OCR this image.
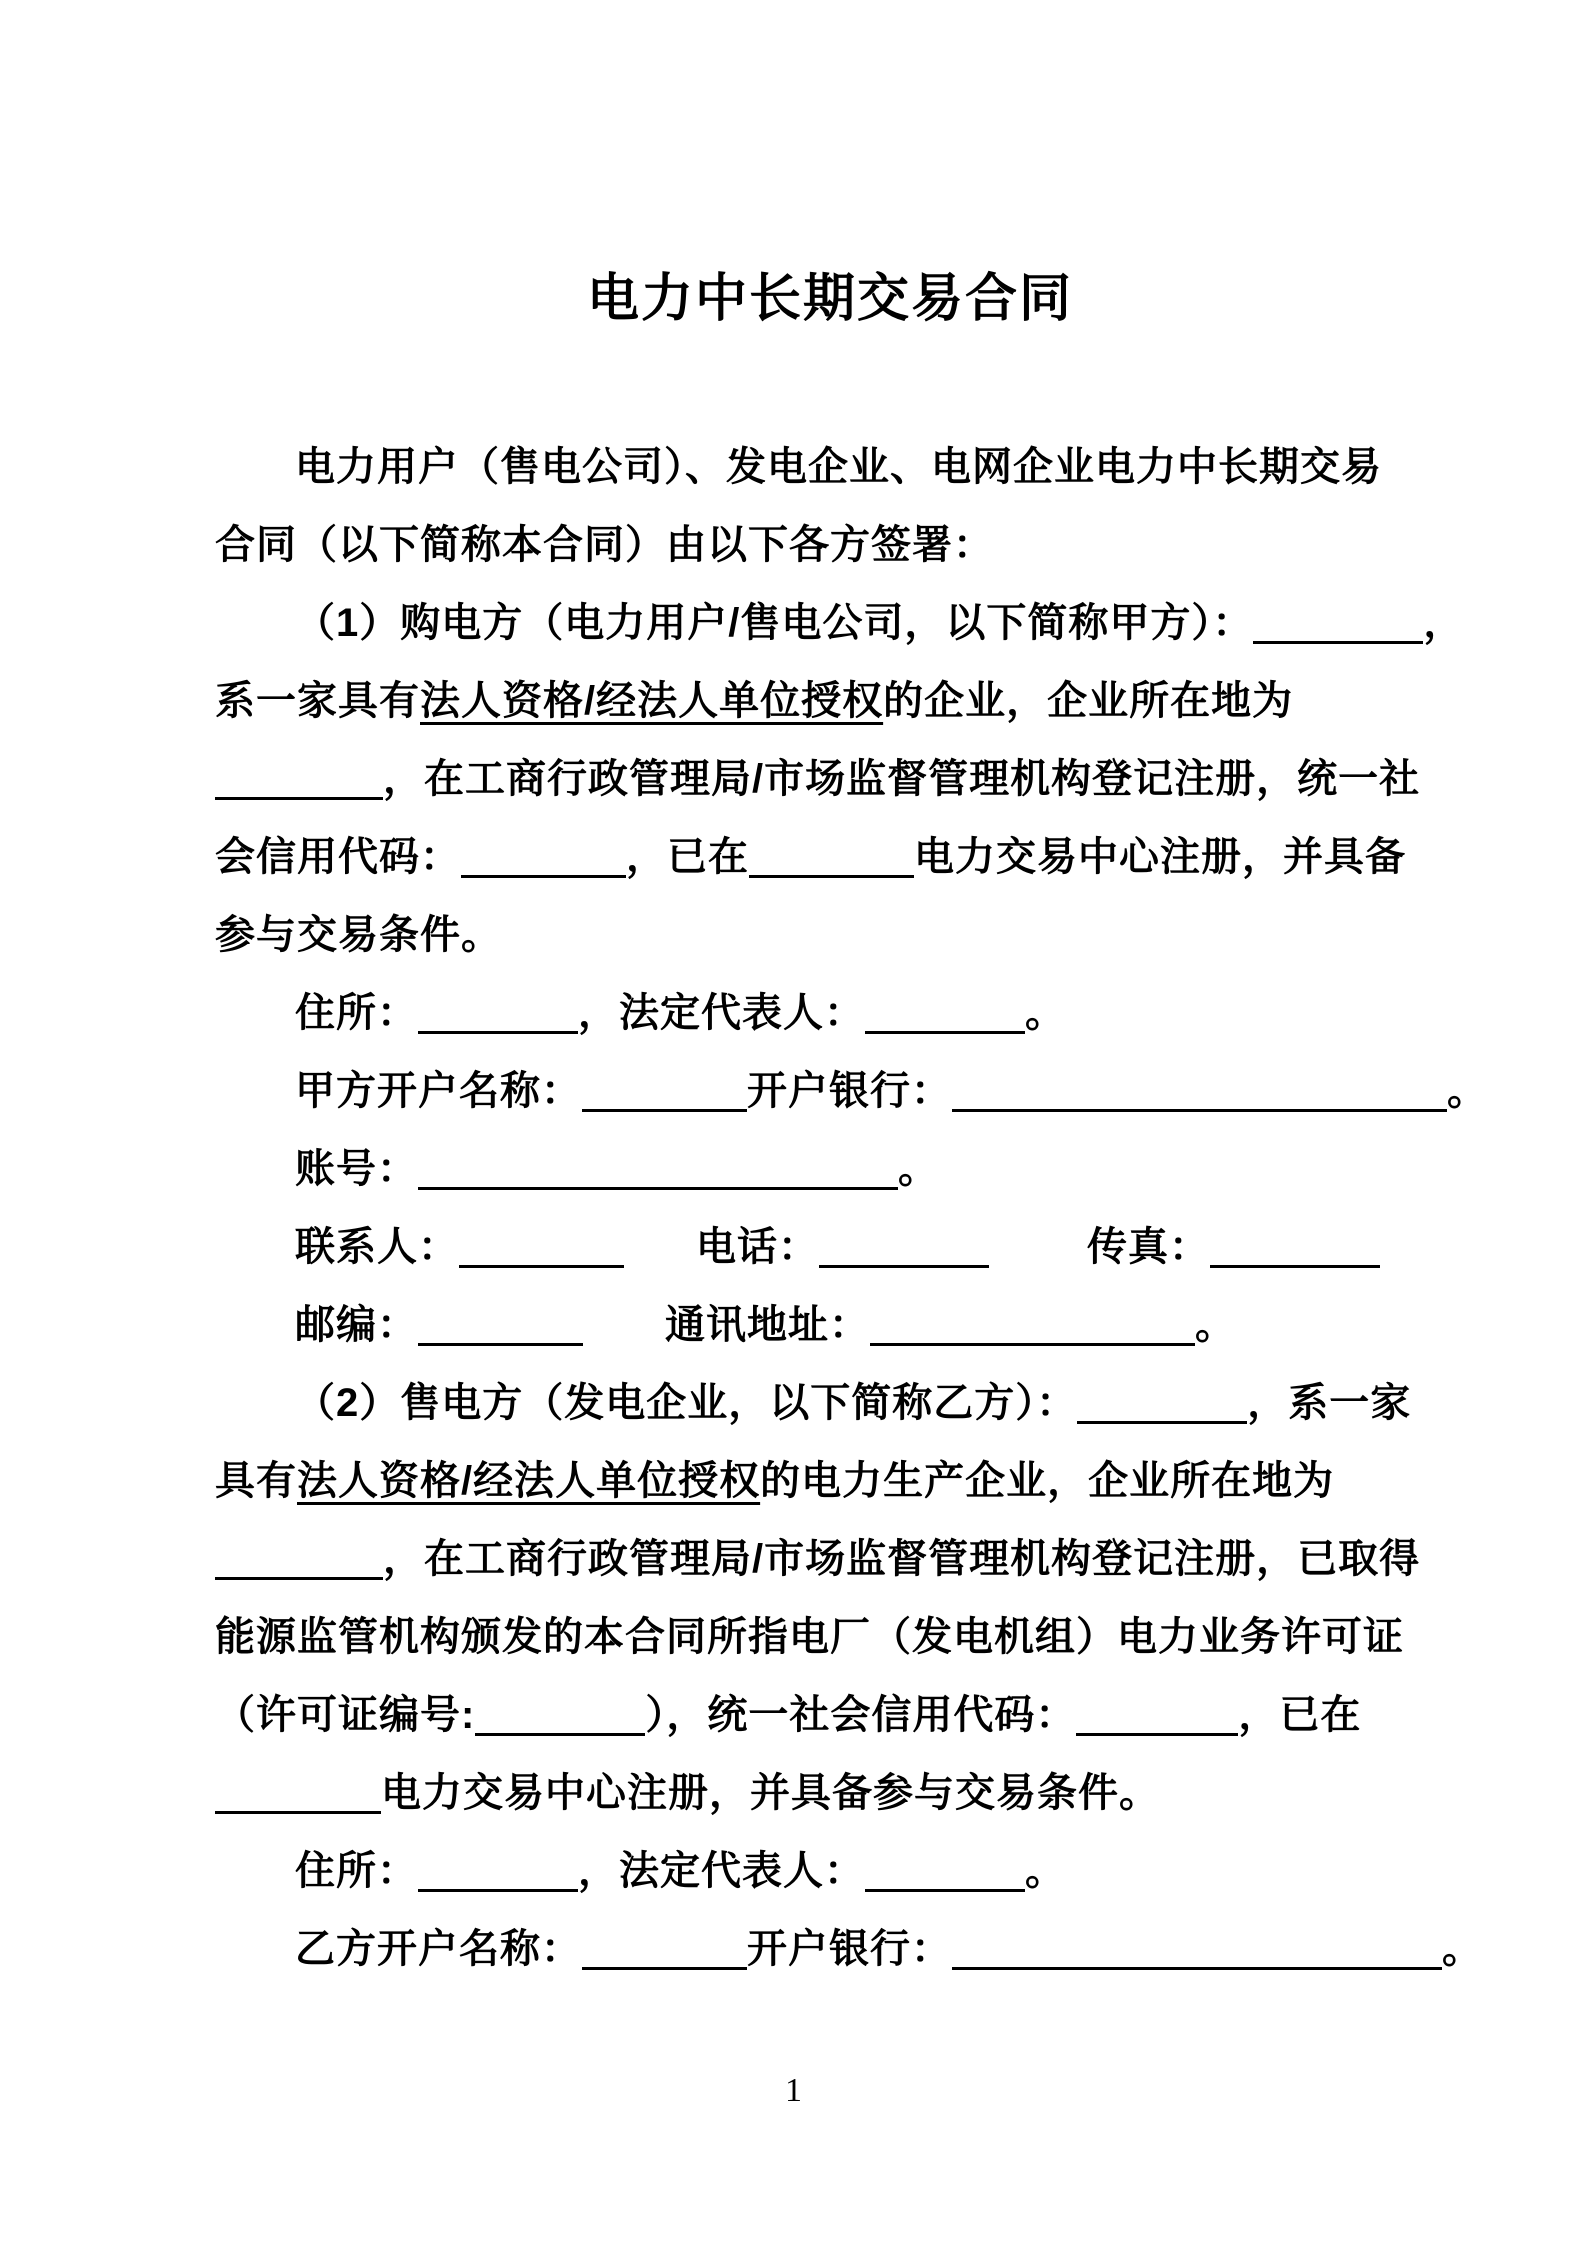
电力中长期交易合同
电力用户（售电公司）、发电企业、电网企业电力中长期交易
合同（以下简称本合同）由以下各方签署：
（1）购电方（电力用户/售电公司，以下简称甲方）：	，
系一家具有法人资格/经法人单位授权的企业，企业所在地为
，在工商行政管理局/市场监督管理机构登记注册，统一社
会信用代码：	，已在	电力交易中心注册，并具备
参与交易条件。
住所：	，法定代表人：	。
甲方开户名称：	开户银行：	。
账号：	。
联系人：	电话：	传真：
邮编：	通讯地址：	。
（2）售电方（发电企业，以下简称乙方）：	，系一家
具有法人资格/经法人单位授权的电力生产企业，企业所在地为
，在工商行政管理局/市场监督管理机构登记注册，已取得
能源监管机构颁发的本合同所指电厂（发电机组）电力业务许可证
（许可证编号:	），统一社会信用代码：	，已在
电力交易中心注册，并具备参与交易条件。
住所：	，法定代表人：	。
乙方开户名称：	开户银行：	。
1
